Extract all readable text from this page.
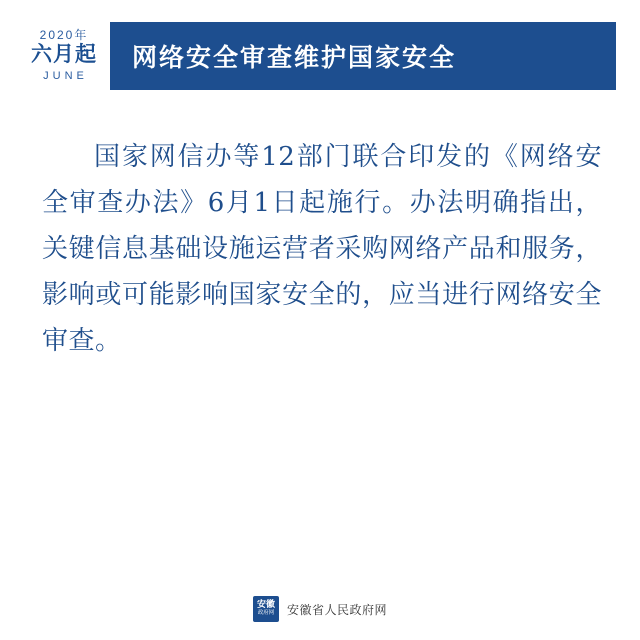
2020年
六月起
JUNE
网络安全审查维护国家安全
国家网信办等12部门联合印发的《网络安全审查办法》6月1日起施行。办法明确指出，关键信息基础设施运营者采购网络产品和服务，影响或可能影响国家安全的，应当进行网络安全审查。
安徽
政府网 安徽省人民政府网
